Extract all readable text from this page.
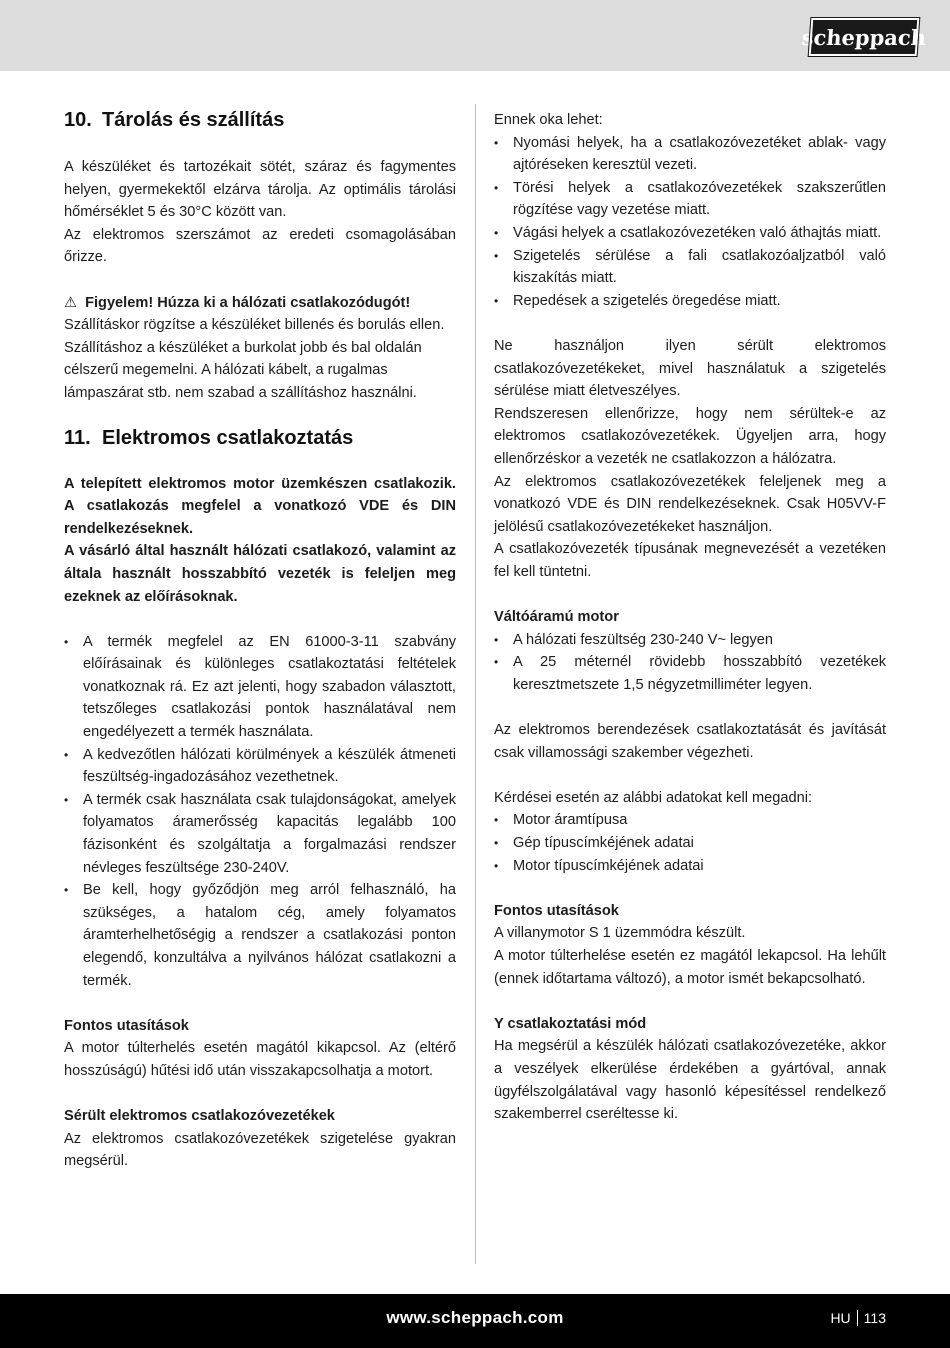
scheppach
10. Tárolás és szállítás

A készüléket és tartozékait sötét, száraz és fagymentes helyen, gyermekektől elzárva tárolja. Az optimális tárolási hőmérséklet 5 és 30°C között van.

Az elektromos szerszámot az eredeti csomagolásában őrizze.

⚠ Figyelem! Húzza ki a hálózati csatlakozódugót!

Szállításkor rögzítse a készüléket billenés és borulás ellen. Szállításhoz a készüléket a burkolat jobb és bal oldalán célszerű megemelni. A hálózati kábelt, a rugalmas lámpaszárat stb. nem szabad a szállításhoz használni.

11. Elektromos csatlakoztatás

A telepített elektromos motor üzemkészen csatlakozik. A csatlakozás megfelel a vonatkozó VDE és DIN rendelkezéseknek.

A vásárló által használt hálózati csatlakozó, valamint az általa használt hosszabbító vezeték is feleljen meg ezeknek az előírásoknak.

• A termék megfelel az EN 61000-3-11 szabvány előírásainak és különleges csatlakoztatási feltételek vonatkoznak rá. Ez azt jelenti, hogy szabadon választott, tetszőleges csatlakozási pontok használatával nem engedélyezett a termék használata.
• A kedvezőtlen hálózati körülmények a készülék átmeneti feszültség-ingadozásához vezethetnek.
• A termék csak használata csak tulajdonságokat, amelyek folyamatos áramerősség kapacitás legalább 100 fázisonként és szolgáltatja a forgalmazási rendszer névleges feszültsége 230-240V.
• Be kell, hogy győződjön meg arról felhasználó, ha szükséges, a hatalom cég, amely folyamatos áramterhelhetőségig a rendszer a csatlakozási ponton elegendő, konzultálva a nyilvános hálózat csatlakozni a termék.

Fontos utasítások

A motor túlterhelés esetén magától kikapcsol. Az (eltérő hosszúságú) hűtési idő után visszakapcsolhatja a motort.

Sérült elektromos csatlakozóvezetékek

Az elektromos csatlakozóvezetékek szigetelése gyakran megsérül.

Ennek oka lehet:

• Nyomási helyek, ha a csatlakozóvezetéket ablak- vagy ajtóréseken keresztül vezeti.
• Törési helyek a csatlakozóvezetékek szakszerűtlen rögzítése vagy vezetése miatt.
• Vágási helyek a csatlakozóvezetéken való áthajtás miatt.
• Szigetelés sérülése a fali csatlakozóaljzatból való kiszakítás miatt.
• Repedések a szigetelés öregedése miatt.

Ne használjon ilyen sérült elektromos csatlakozóvezetékeket, mivel használatuk a szigetelés sérülése miatt életveszélyes.

Rendszeresen ellenőrizze, hogy nem sérültek-e az elektromos csatlakozóvezetékek. Ügyeljen arra, hogy ellenőrzéskor a vezeték ne csatlakozzon a hálózatra.

Az elektromos csatlakozóvezetékek feleljenek meg a vonatkozó VDE és DIN rendelkezéseknek. Csak H05VV-F jelölésű csatlakozóvezetékeket használjon.

A csatlakozóvezeték típusának megnevezését a vezetéken fel kell tüntetni.

Váltóáramú motor

• A hálózati feszültség 230-240 V~ legyen
• A 25 méternél rövidebb hosszabbító vezetékek keresztmetszete 1,5 négyzetmilliméter legyen.

Az elektromos berendezések csatlakoztatását és javítását csak villamossági szakember végezheti.

Kérdései esetén az alábbi adatokat kell megadni:

• Motor áramtípusa
• Gép típuscímkéjének adatai
• Motor típuscímkéjének adatai

Fontos utasítások

A villanymotor S 1 üzemmódra készült.

A motor túlterhelése esetén ez magától lekapcsol. Ha lehűlt (ennek időtartama változó), a motor ismét bekapcsolható.

Y csatlakoztatási mód

Ha megsérül a készülék hálózati csatlakozóvezetéke, akkor a veszélyek elkerülése érdekében a gyártóval, annak ügyfélszolgálatával vagy hasonló képesítéssel rendelkező szakemberrel cseréltesse ki.

www.scheppach.com	HU 113
